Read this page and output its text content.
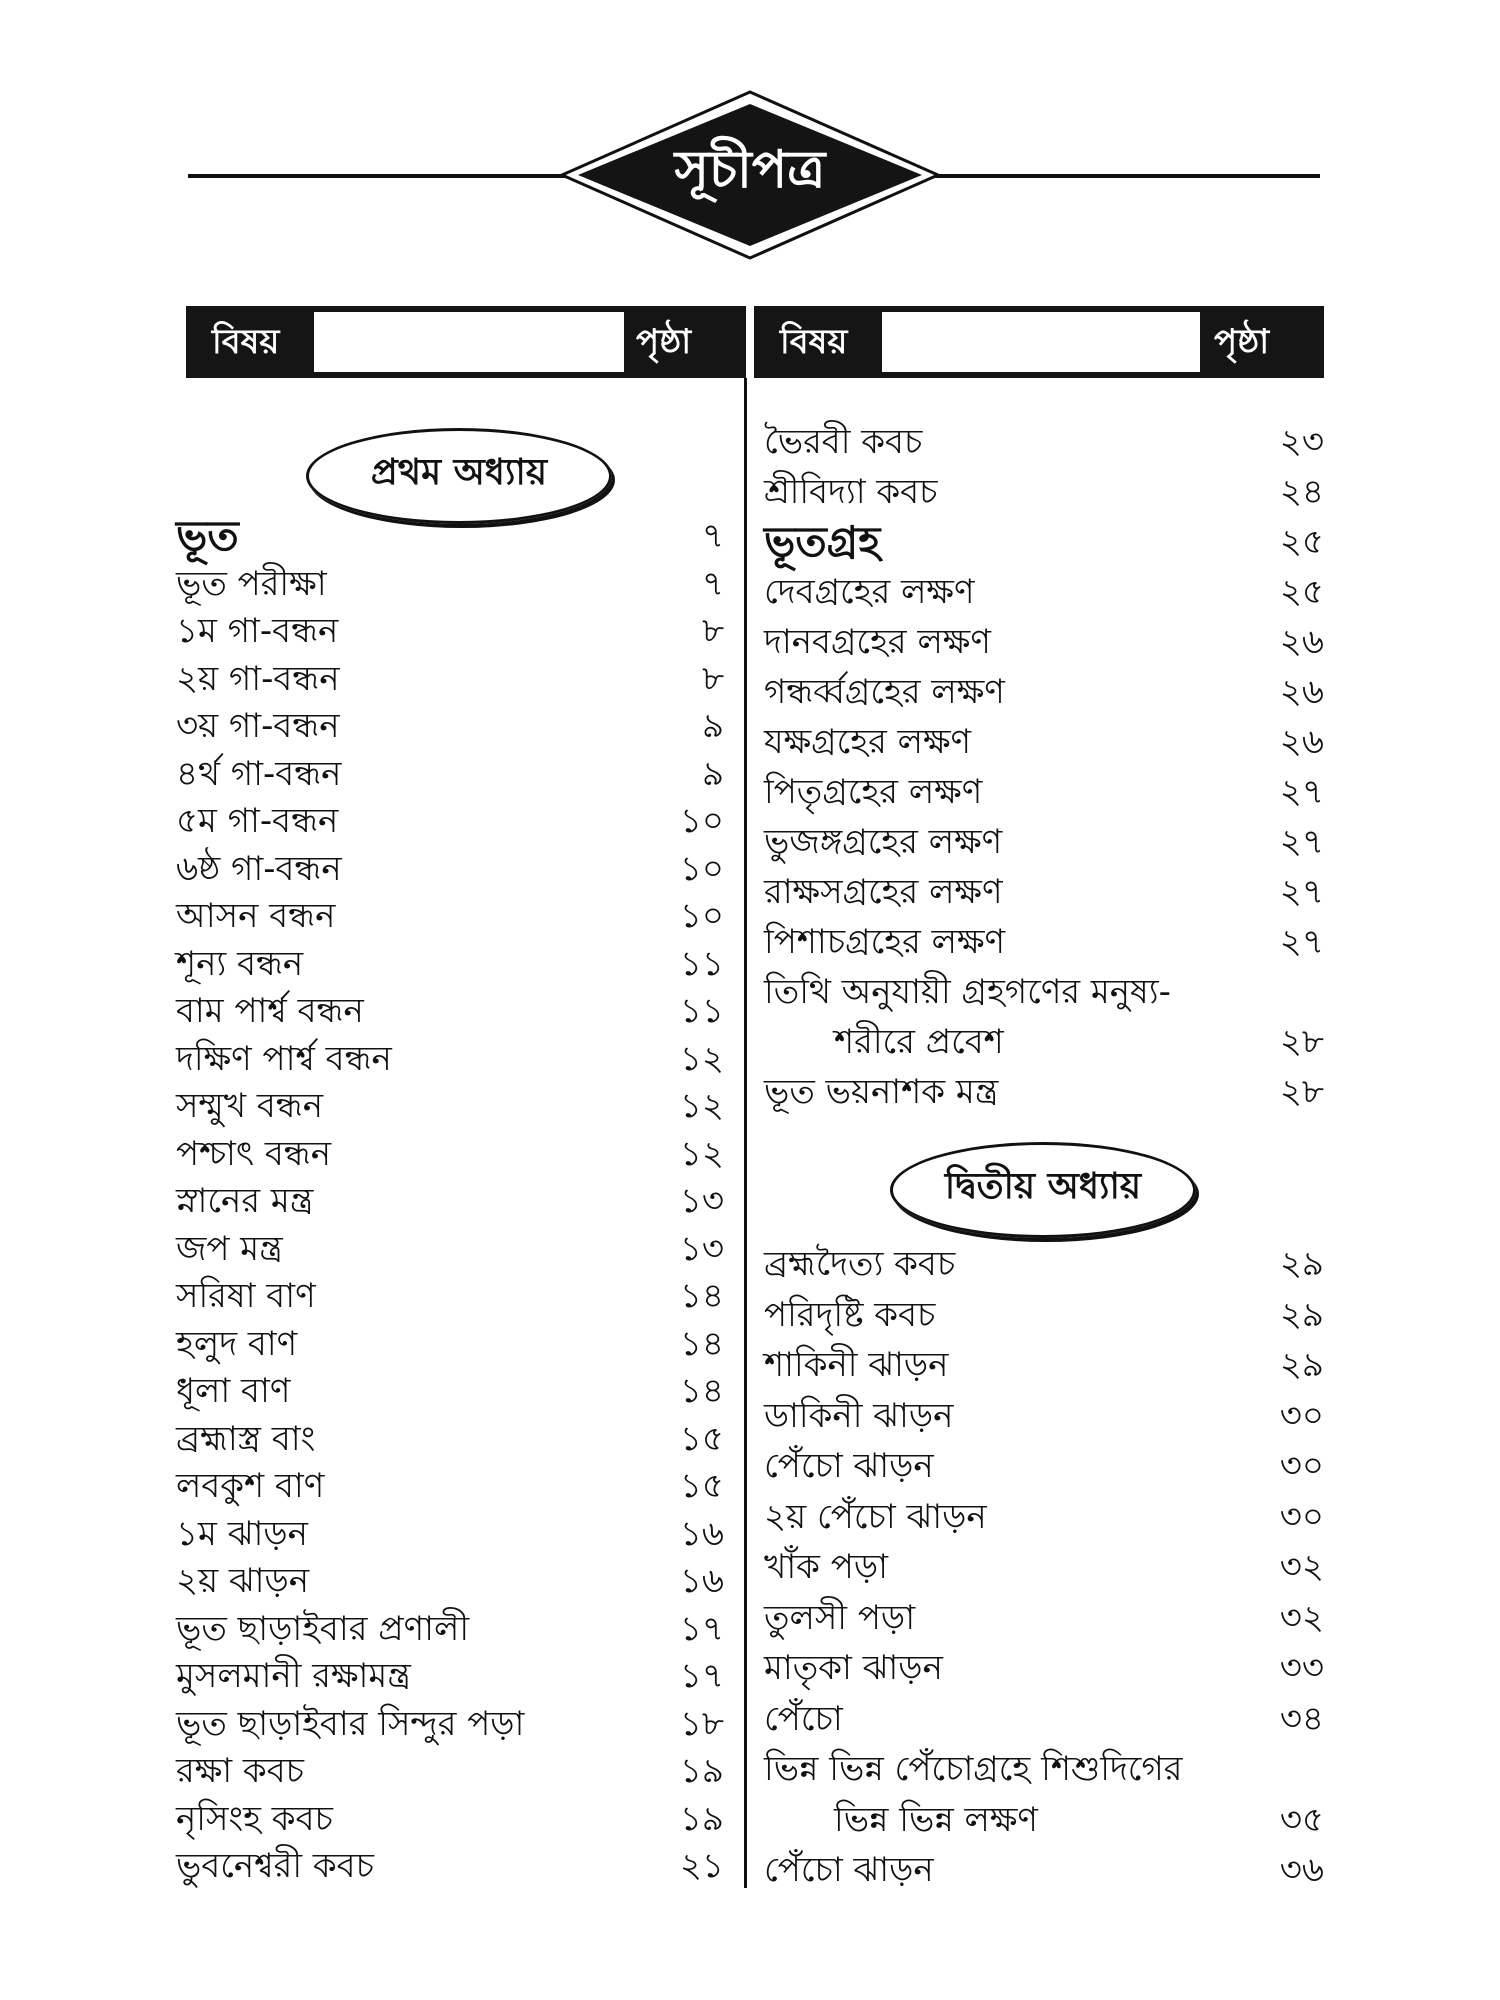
সূচীপত্র
বিষয়	পৃষ্ঠা	বিষয়	পৃষ্ঠা
প্রথম অধ্যায়
ভূত	৭
ভূত পরীক্ষা	৭
১ম গা-বন্ধন	৮
২য় গা-বন্ধন	৮
৩য় গা-বন্ধন	৯
৪র্থ গা-বন্ধন	৯
৫ম গা-বন্ধন	১০
৬ষ্ঠ গা-বন্ধন	১০
আসন বন্ধন	১০
শূন্য বন্ধন	১১
বাম পার্শ্ব বন্ধন	১১
দক্ষিণ পার্শ্ব বন্ধন	১২
সম্মুখ বন্ধন	১২
পশ্চাৎ বন্ধন	১২
স্নানের মন্ত্র	১৩
জপ মন্ত্র	১৩
সরিষা বাণ	১৪
হলুদ বাণ	১৪
ধূলা বাণ	১৪
ব্রহ্মাস্ত্র বাং	১৫
লবকুশ বাণ	১৫
১ম ঝাড়ন	১৬
২য় ঝাড়ন	১৬
ভূত ছাড়াইবার প্রণালী	১৭
মুসলমানী রক্ষামন্ত্র	১৭
ভূত ছাড়াইবার সিন্দুর পড়া	১৮
রক্ষা কবচ	১৯
নৃসিংহ কবচ	১৯
ভুবনেশ্বরী কবচ	২১
ভৈরবী কবচ	২৩
শ্রীবিদ্যা কবচ	২৪
ভূতগ্রহ	২৫
দেবগ্রহের লক্ষণ	২৫
দানবগ্রহের লক্ষণ	২৬
গন্ধর্ব্বগ্রহের লক্ষণ	২৬
যক্ষগ্রহের লক্ষণ	২৬
পিতৃগ্রহের লক্ষণ	২৭
ভুজঙ্গগ্রহের লক্ষণ	২৭
রাক্ষসগ্রহের লক্ষণ	২৭
পিশাচগ্রহের লক্ষণ	২৭
তিথি অনুযায়ী গ্রহগণের মনুষ্য-
শরীরে প্রবেশ	২৮
ভূত ভয়নাশক মন্ত্র	২৮
দ্বিতীয় অধ্যায়
ব্রহ্মদৈত্য কবচ	২৯
পরিদৃষ্টি কবচ	২৯
শাকিনী ঝাড়ন	২৯
ডাকিনী ঝাড়ন	৩০
পেঁচো ঝাড়ন	৩০
২য় পেঁচো ঝাড়ন	৩০
খাঁক পড়া	৩২
তুলসী পড়া	৩২
মাতৃকা ঝাড়ন	৩৩
পেঁচো	৩৪
ভিন্ন ভিন্ন পেঁচোগ্রহে শিশুদিগের
ভিন্ন ভিন্ন লক্ষণ	৩৫
পেঁচো ঝাড়ন	৩৬
